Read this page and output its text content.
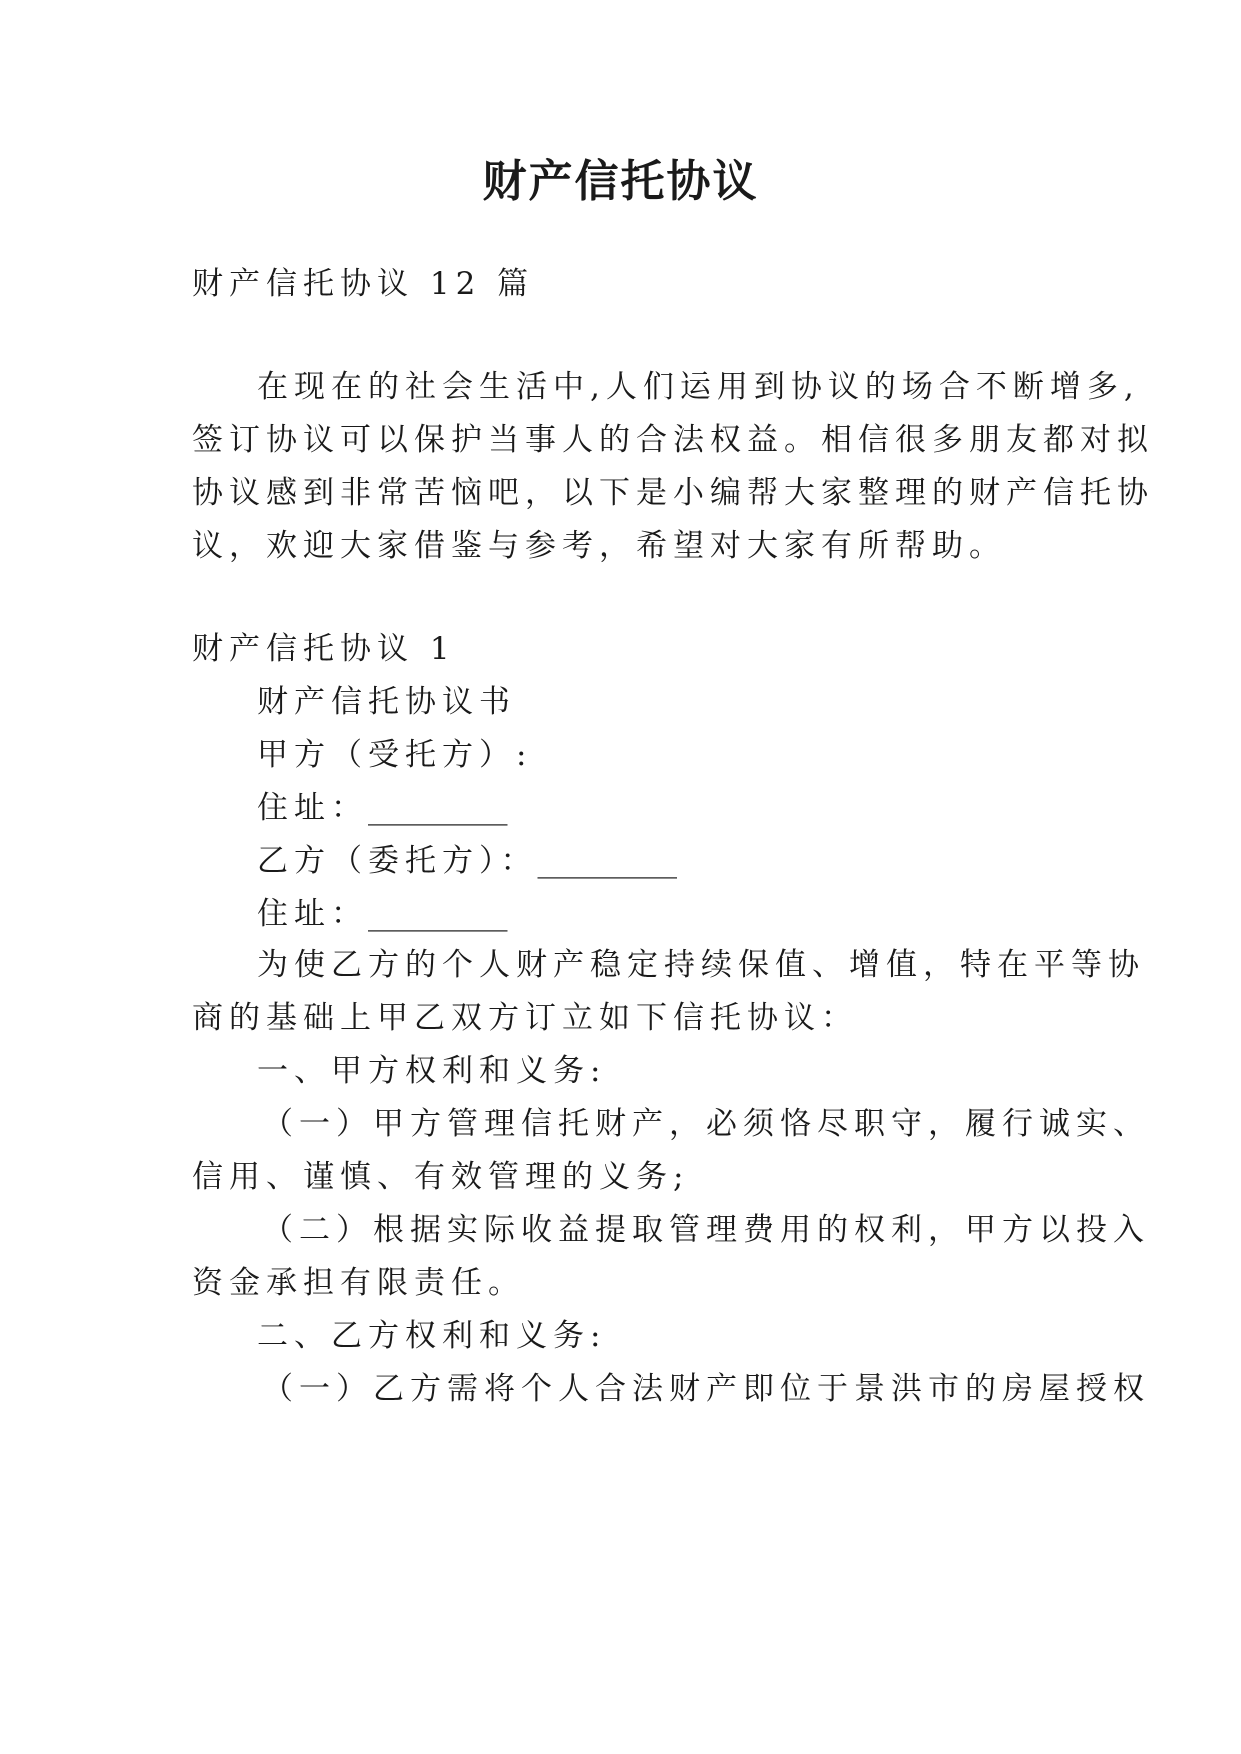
财产信托协议
财产信托协议 12 篇
在现在的社会生活中,人们运用到协议的场合不断增多,
签订协议可以保护当事人的合法权益。相信很多朋友都对拟
协议感到非常苦恼吧，以下是小编帮大家整理的财产信托协
议，欢迎大家借鉴与参考，希望对大家有所帮助。
财产信托协议 1
财产信托协议书
甲方（受托方）:
住址：_________
乙方（委托方）：_________
住址：_________
为使乙方的个人财产稳定持续保值、增值，特在平等协
商的基础上甲乙双方订立如下信托协议：
一、甲方权利和义务:
（一）甲方管理信托财产，必须恪尽职守，履行诚实、
信用、谨慎、有效管理的义务;
（二）根据实际收益提取管理费用的权利，甲方以投入
资金承担有限责任。
二、乙方权利和义务:
（一）乙方需将个人合法财产即位于景洪市的房屋授权
